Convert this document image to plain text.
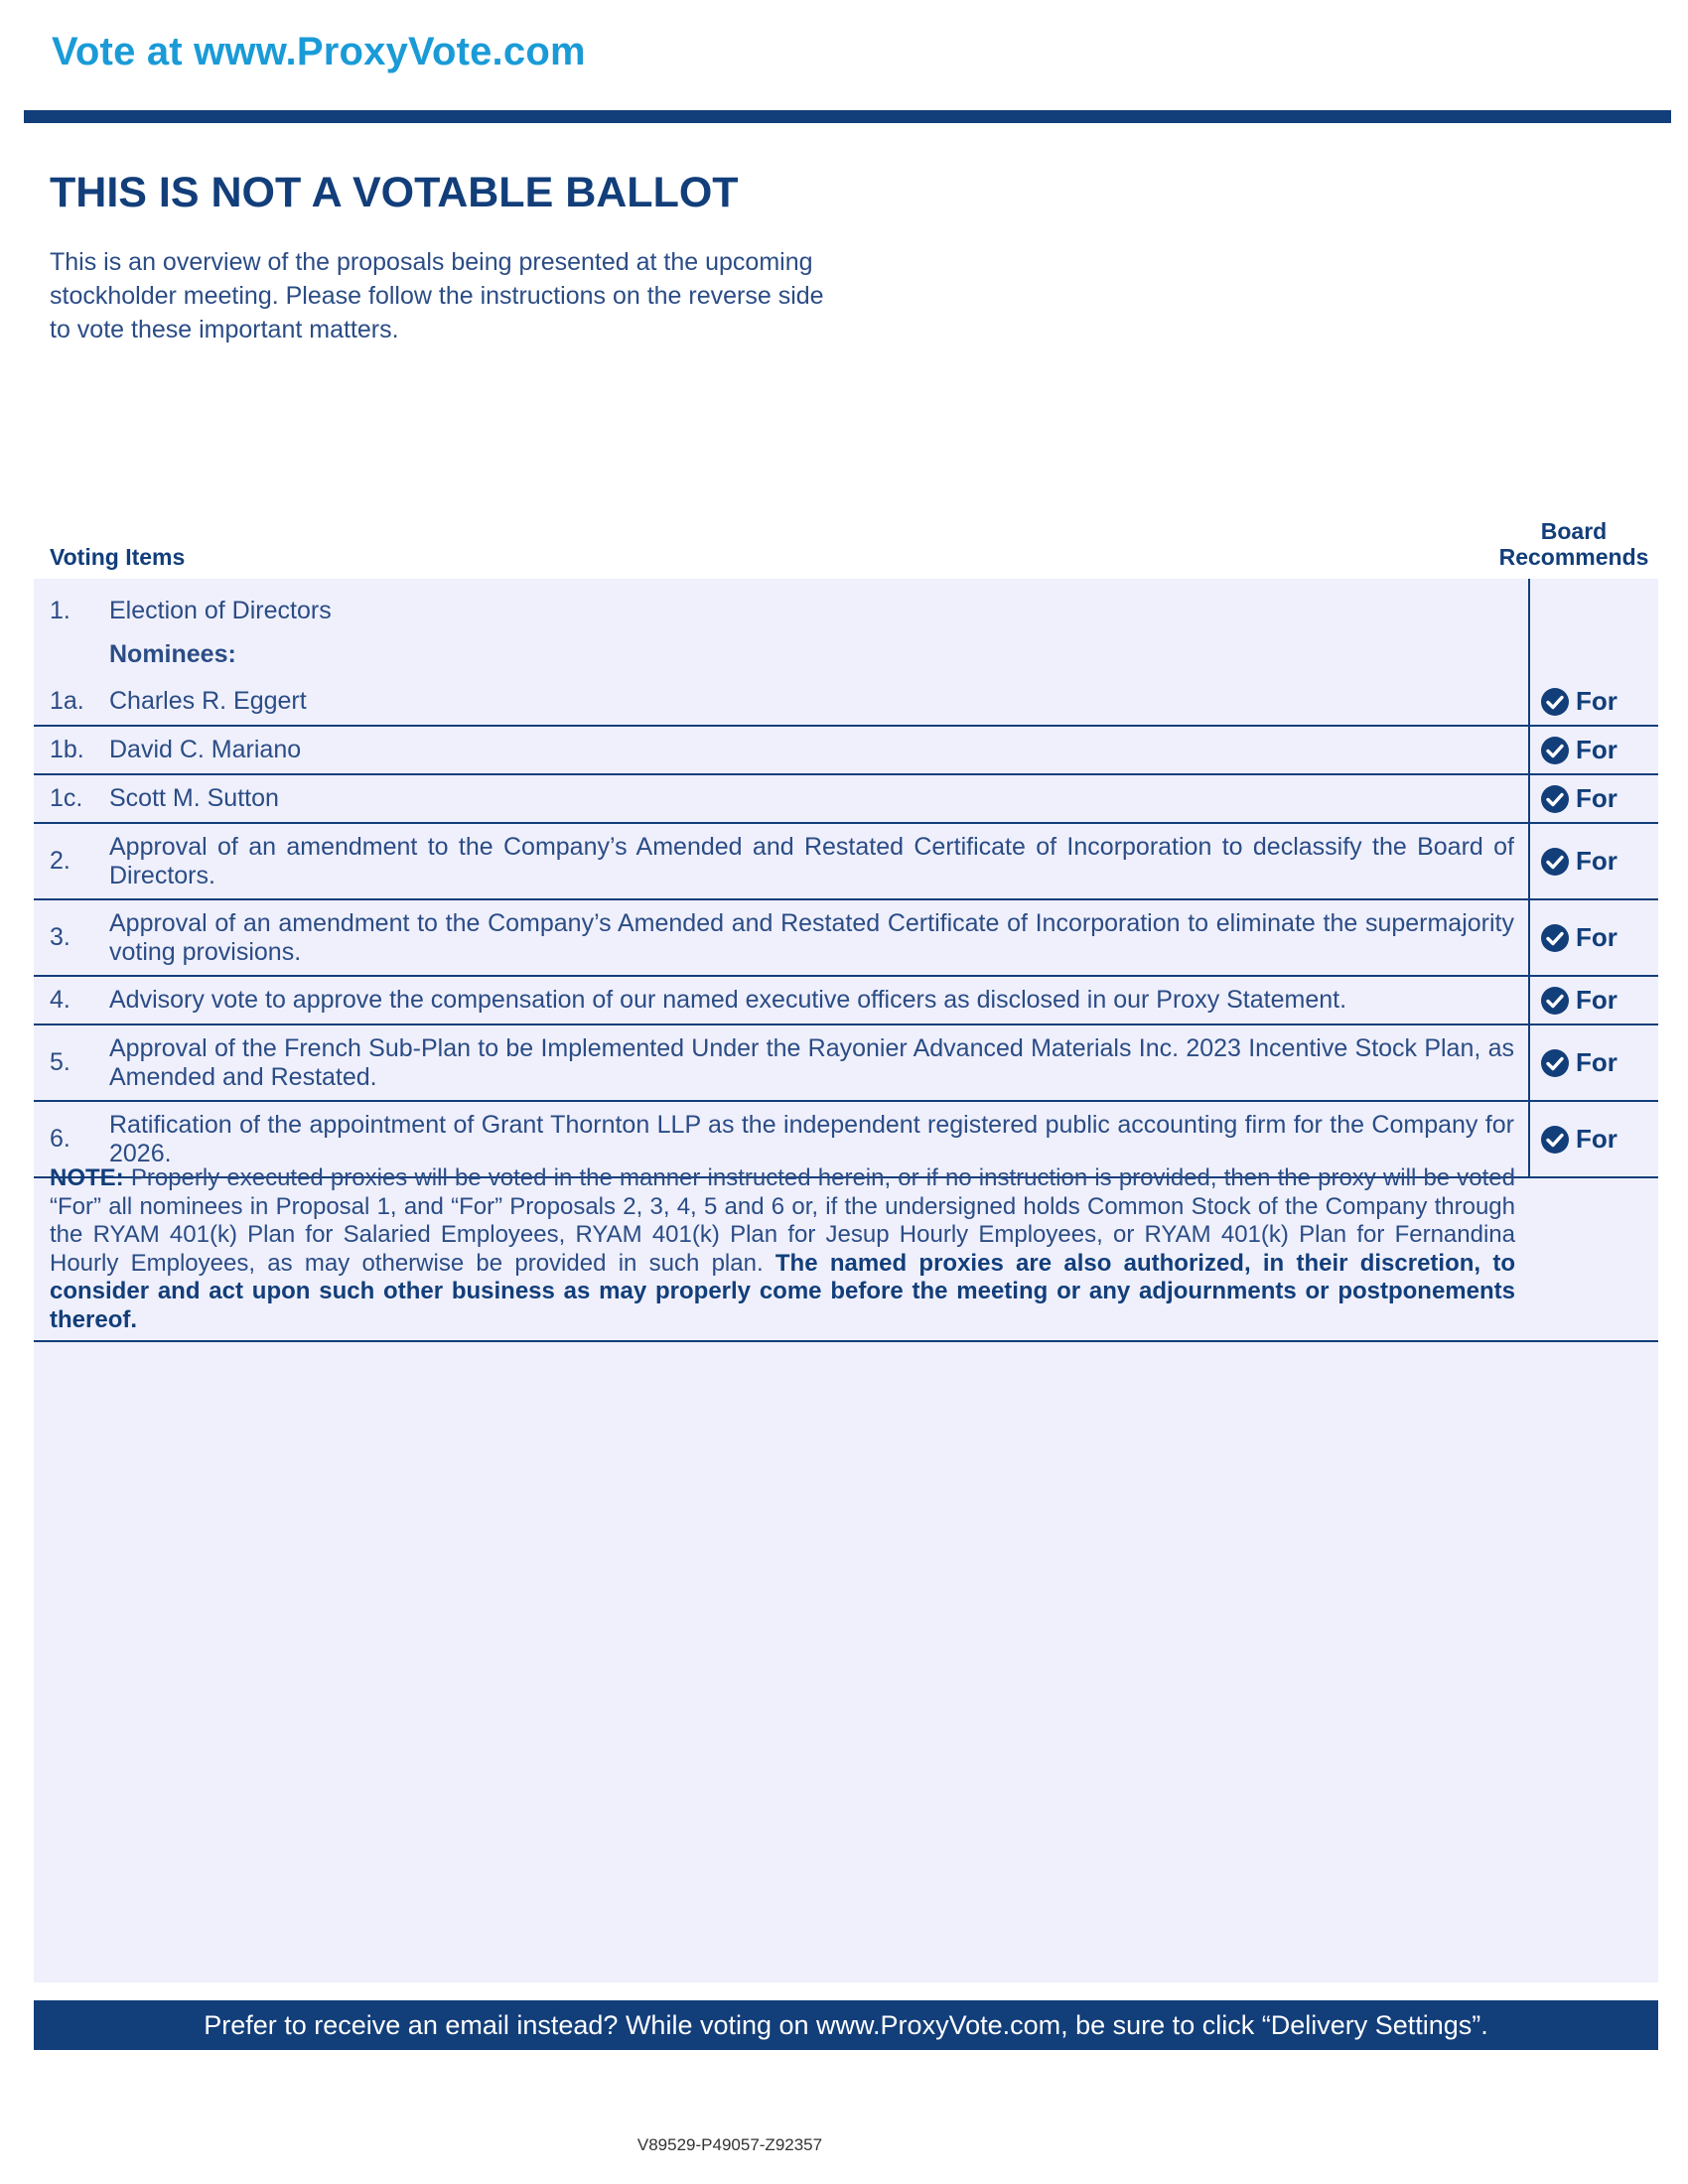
Vote at www.ProxyVote.com
THIS IS NOT A VOTABLE BALLOT

This is an overview of the proposals being presented at the upcoming stockholder meeting. Please follow the instructions on the reverse side to vote these important matters.

Voting Items
Board
Recommends
1.	Election of Directors	
	Nominees:	
1a.	Charles R. Eggert	For
1b.	David C. Mariano	For
1c.	Scott M. Sutton	For
2.	Approval of an amendment to the Company’s Amended and Restated Certificate of Incorporation to declassify the Board of Directors.	For
3.	Approval of an amendment to the Company’s Amended and Restated Certificate of Incorporation to eliminate the supermajority voting provisions.	For
4.	Advisory vote to approve the compensation of our named executive officers as disclosed in our Proxy Statement.	For
5.	Approval of the French Sub-Plan to be Implemented Under the Rayonier Advanced Materials Inc. 2023 Incentive Stock Plan, as Amended and Restated.	For
6.	Ratification of the appointment of Grant Thornton LLP as the independent registered public accounting firm for the Company for 2026.	For

NOTE: Properly executed proxies will be voted in the manner instructed herein, or if no instruction is provided, then the proxy will be voted “For” all nominees in Proposal 1, and “For” Proposals 2, 3, 4, 5 and 6 or, if the undersigned holds Common Stock of the Company through the RYAM 401(k) Plan for Salaried Employees, RYAM 401(k) Plan for Jesup Hourly Employees, or RYAM 401(k) Plan for Fernandina Hourly Employees, as may otherwise be provided in such plan. The named proxies are also authorized, in their discretion, to consider and act upon such other business as may properly come before the meeting or any adjournments or postponements thereof.

Prefer to receive an email instead? While voting on www.ProxyVote.com, be sure to click “Delivery Settings”.
V89529-P49057-Z92357
